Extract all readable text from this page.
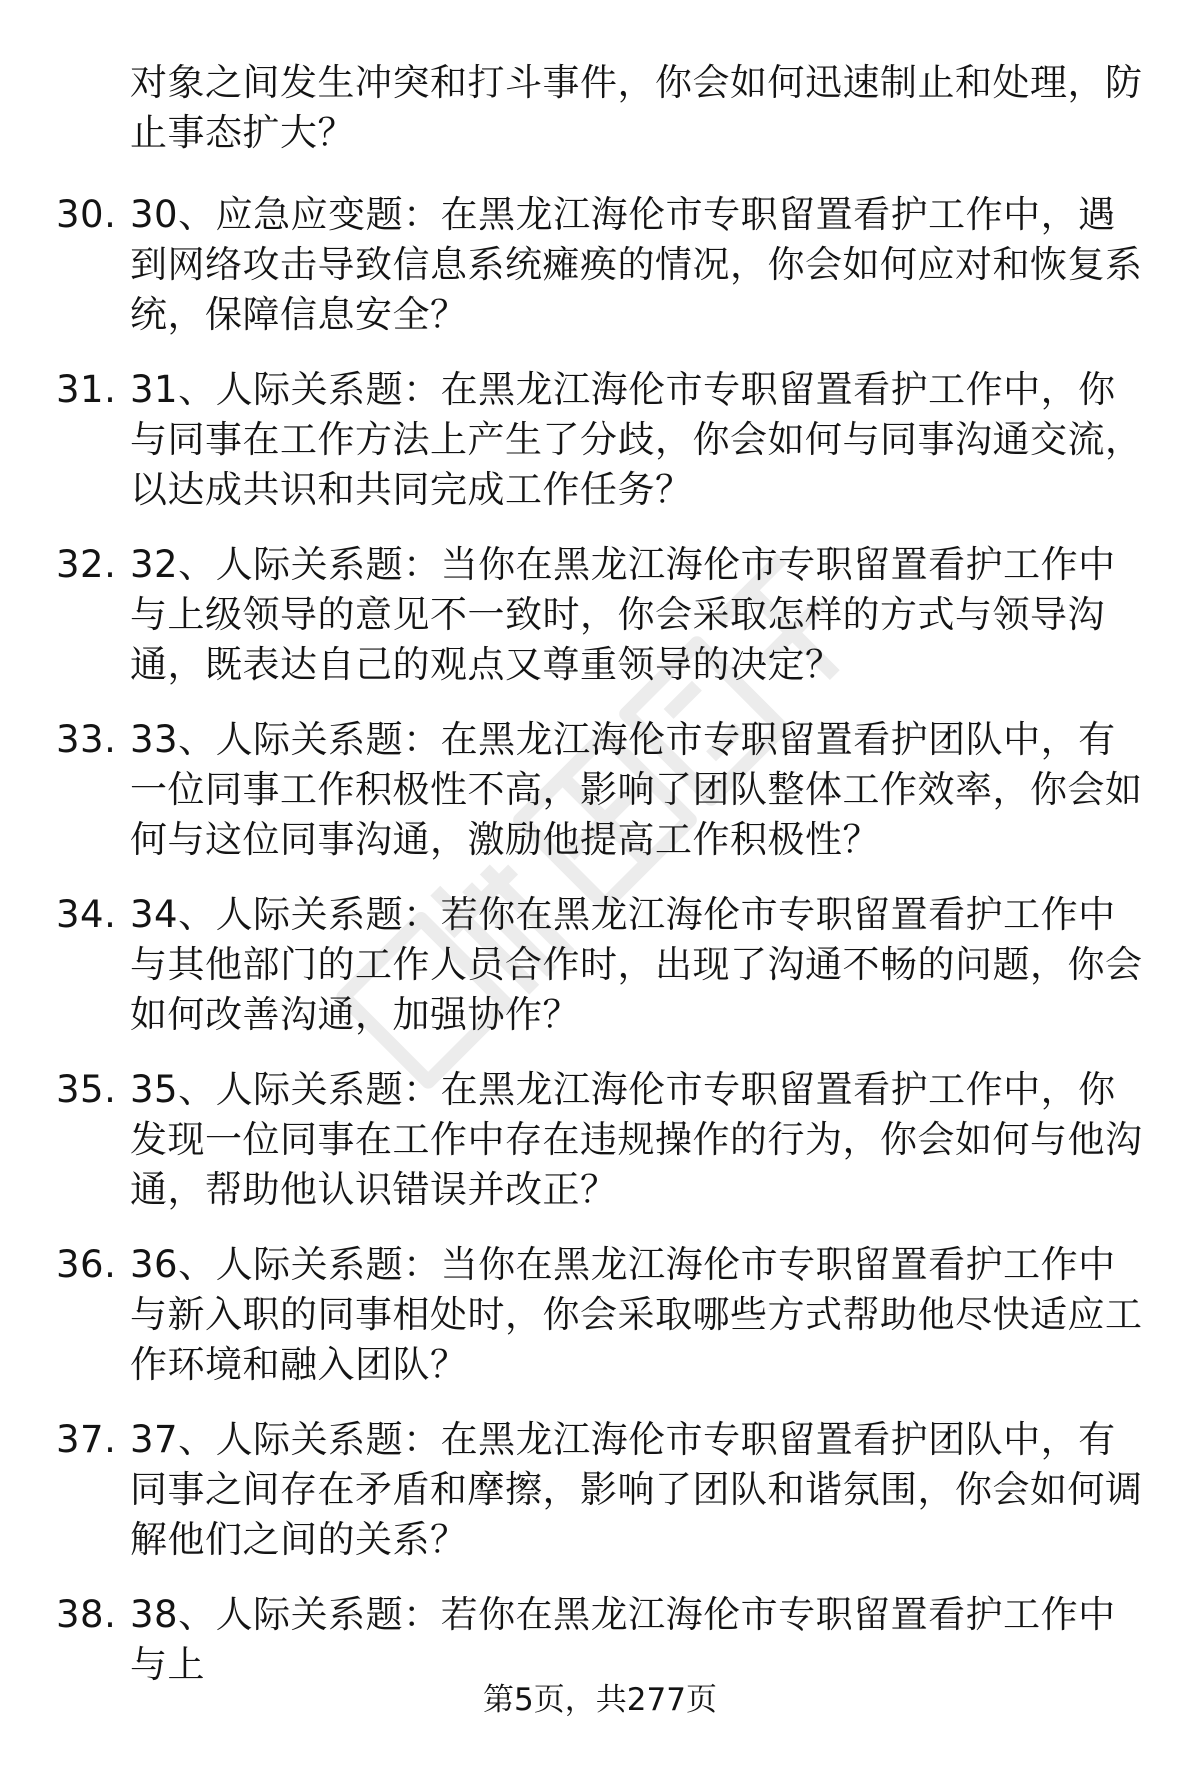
对象之间发生冲突和打斗事件，你会如何迅速制止和处理，防止事态扩大？
30. 30、应急应变题：在黑龙江海伦市专职留置看护工作中，遇到网络攻击导致信息系统瘫痪的情况，你会如何应对和恢复系统，保障信息安全？
31. 31、人际关系题：在黑龙江海伦市专职留置看护工作中，你与同事在工作方法上产生了分歧，你会如何与同事沟通交流，以达成共识和共同完成工作任务？
32. 32、人际关系题：当你在黑龙江海伦市专职留置看护工作中与上级领导的意见不一致时，你会采取怎样的方式与领导沟通，既表达自己的观点又尊重领导的决定？
33. 33、人际关系题：在黑龙江海伦市专职留置看护团队中，有一位同事工作积极性不高，影响了团队整体工作效率，你会如何与这位同事沟通，激励他提高工作积极性？
34. 34、人际关系题：若你在黑龙江海伦市专职留置看护工作中与其他部门的工作人员合作时，出现了沟通不畅的问题，你会如何改善沟通，加强协作？
35. 35、人际关系题：在黑龙江海伦市专职留置看护工作中，你发现一位同事在工作中存在违规操作的行为，你会如何与他沟通，帮助他认识错误并改正？
36. 36、人际关系题：当你在黑龙江海伦市专职留置看护工作中与新入职的同事相处时，你会采取哪些方式帮助他尽快适应工作环境和融入团队？
37. 37、人际关系题：在黑龙江海伦市专职留置看护团队中，有同事之间存在矛盾和摩擦，影响了团队和谐氛围，你会如何调解他们之间的关系？
38. 38、人际关系题：若你在黑龙江海伦市专职留置看护工作中与上
第5页，共277页
